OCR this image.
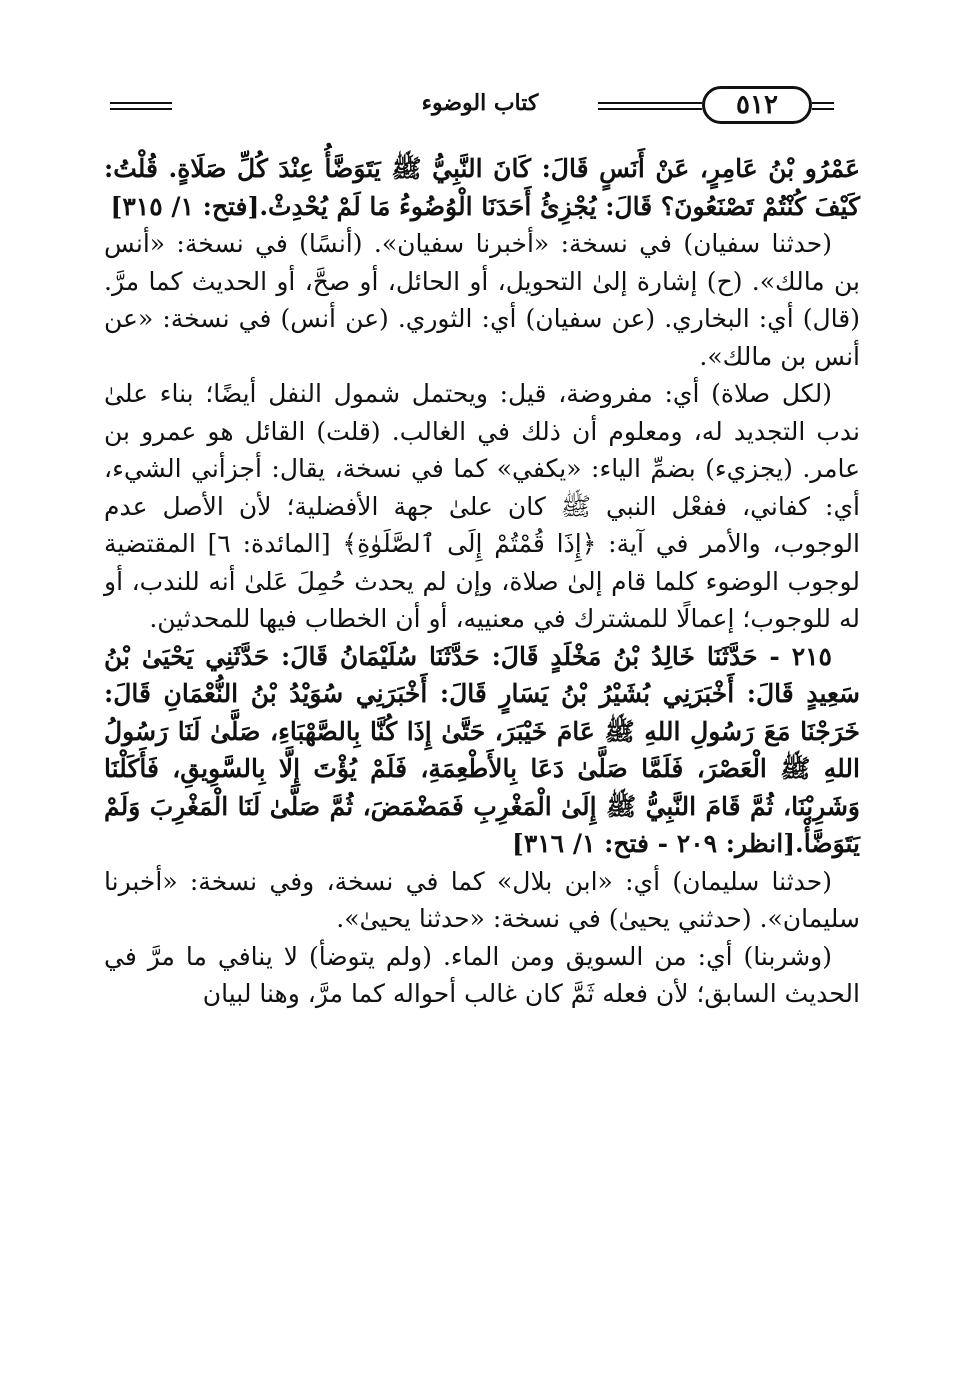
كتاب الوضوء	٥١٢

عَمْرُو بْنُ عَامِرٍ، عَنْ أَنَسٍ قَالَ: كَانَ النَّبِيُّ ﷺ يَتَوَضَّأُ عِنْدَ كُلِّ صَلَاةٍ. قُلْتُ: كَيْفَ كُنْتُمْ تَصْنَعُونَ؟ قَالَ: يُجْزِئُ أَحَدَنَا الْوُضُوءُ مَا لَمْ يُحْدِثْ.[فتح: ١/ ٣١٥]

(حدثنا سفيان) في نسخة: «أخبرنا سفيان». (أنسًا) في نسخة: «أنس بن مالك». (ح) إشارة إلىٰ التحويل، أو الحائل، أو صحَّ، أو الحديث كما مرَّ. (قال) أي: البخاري. (عن سفيان) أي: الثوري. (عن أنس) في نسخة: «عن أنس بن مالك».

(لكل صلاة) أي: مفروضة، قيل: ويحتمل شمول النفل أيضًا؛ بناء علىٰ ندب التجديد له، ومعلوم أن ذلك في الغالب. (قلت) القائل هو عمرو بن عامر. (يجزيء) بضمِّ الياء: «يكفي» كما في نسخة، يقال: أجزأني الشيء، أي: كفاني، ففعْل النبي ﷺ كان علىٰ جهة الأفضلية؛ لأن الأصل عدم الوجوب، والأمر في آية: ﴿إِذَا قُمْتُمْ إِلَى ٱلصَّلَوٰةِ﴾ [المائدة: ٦] المقتضية لوجوب الوضوء كلما قام إلىٰ صلاة، وإن لم يحدث حُمِلَ عَلىٰ أنه للندب، أو له للوجوب؛ إعمالًا للمشترك في معنييه، أو أن الخطاب فيها للمحدثين.

٢١٥ - حَدَّثَنَا خَالِدُ بْنُ مَخْلَدٍ قَالَ: حَدَّثَنَا سُلَيْمَانُ قَالَ: حَدَّثَنِي يَحْيَىٰ بْنُ سَعِيدٍ قَالَ: أَخْبَرَنِي بُشَيْرُ بْنُ يَسَارٍ قَالَ: أَخْبَرَنِي سُوَيْدُ بْنُ النُّعْمَانِ قَالَ: خَرَجْنَا مَعَ رَسُولِ اللهِ ﷺ عَامَ خَيْبَرَ، حَتَّىٰ إِذَا كُنَّا بِالصَّهْبَاءِ، صَلَّىٰ لَنَا رَسُولُ اللهِ ﷺ الْعَصْرَ، فَلَمَّا صَلَّىٰ دَعَا بِالأَطْعِمَةِ، فَلَمْ يُؤْتَ إِلَّا بِالسَّوِيقِ، فَأَكَلْنَا وَشَرِبْنَا، ثُمَّ قَامَ النَّبِيُّ ﷺ إِلَىٰ الْمَغْرِبِ فَمَضْمَضَ، ثُمَّ صَلَّىٰ لَنَا الْمَغْرِبَ وَلَمْ يَتَوَضَّأْ.[انظر: ٢٠٩ - فتح: ١/ ٣١٦]

(حدثنا سليمان) أي: «ابن بلال» كما في نسخة، وفي نسخة: «أخبرنا سليمان». (حدثني يحيىٰ) في نسخة: «حدثنا يحيىٰ».

(وشربنا) أي: من السويق ومن الماء. (ولم يتوضأ) لا ينافي ما مرَّ في الحديث السابق؛ لأن فعله ثَمَّ كان غالب أحواله كما مرَّ، وهنا لبيان
